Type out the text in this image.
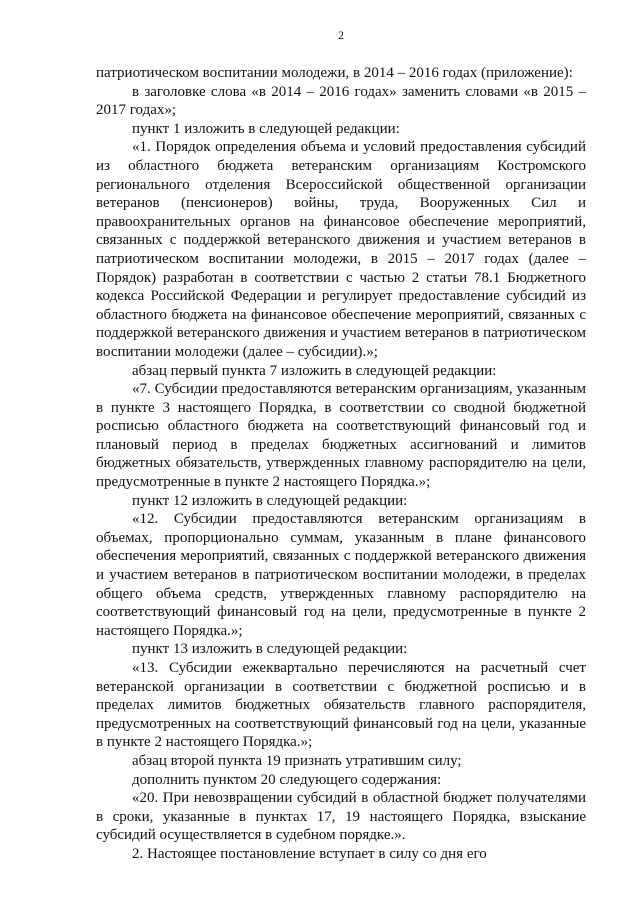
2

патриотическом воспитании молодежи, в 2014 – 2016 годах (приложение):

в заголовке слова «в 2014 – 2016 годах» заменить словами «в 2015 – 2017 годах»;

пункт 1 изложить в следующей редакции:

«1. Порядок определения объема и условий предоставления субсидий из областного бюджета ветеранским организациям Костромского регионального отделения Всероссийской общественной организации ветеранов (пенсионеров) войны, труда, Вооруженных Сил и правоохранительных органов на финансовое обеспечение мероприятий, связанных с поддержкой ветеранского движения и участием ветеранов в патриотическом воспитании молодежи, в 2015 – 2017 годах (далее – Порядок) разработан в соответствии с частью 2 статьи 78.1 Бюджетного кодекса Российской Федерации и регулирует предоставление субсидий из областного бюджета на финансовое обеспечение мероприятий, связанных с поддержкой ветеранского движения и участием ветеранов в патриотическом воспитании молодежи (далее – субсидии).»;

абзац первый пункта 7 изложить в следующей редакции:

«7. Субсидии предоставляются ветеранским организациям, указанным в пункте 3 настоящего Порядка, в соответствии со сводной бюджетной росписью областного бюджета на соответствующий финансовый год и плановый период в пределах бюджетных ассигнований и лимитов бюджетных обязательств, утвержденных главному распорядителю на цели, предусмотренные в пункте 2 настоящего Порядка.»;

пункт 12 изложить в следующей редакции:

«12. Субсидии предоставляются ветеранским организациям в объемах, пропорционально суммам, указанным в плане финансового обеспечения мероприятий, связанных с поддержкой ветеранского движения и участием ветеранов в патриотическом воспитании молодежи, в пределах общего объема средств, утвержденных главному распорядителю на соответствующий финансовый год на цели, предусмотренные в пункте 2 настоящего Порядка.»;

пункт 13 изложить в следующей редакции:

«13. Субсидии ежеквартально перечисляются на расчетный счет ветеранской организации в соответствии с бюджетной росписью и в пределах лимитов бюджетных обязательств главного распорядителя, предусмотренных на соответствующий финансовый год на цели, указанные в пункте 2 настоящего Порядка.»;

абзац второй пункта 19 признать утратившим силу;

дополнить пунктом 20 следующего содержания:

«20. При невозвращении субсидий в областной бюджет получателями в сроки, указанные в пунктах 17, 19 настоящего Порядка, взыскание субсидий осуществляется в судебном порядке.».

2. Настоящее постановление вступает в силу со дня его
